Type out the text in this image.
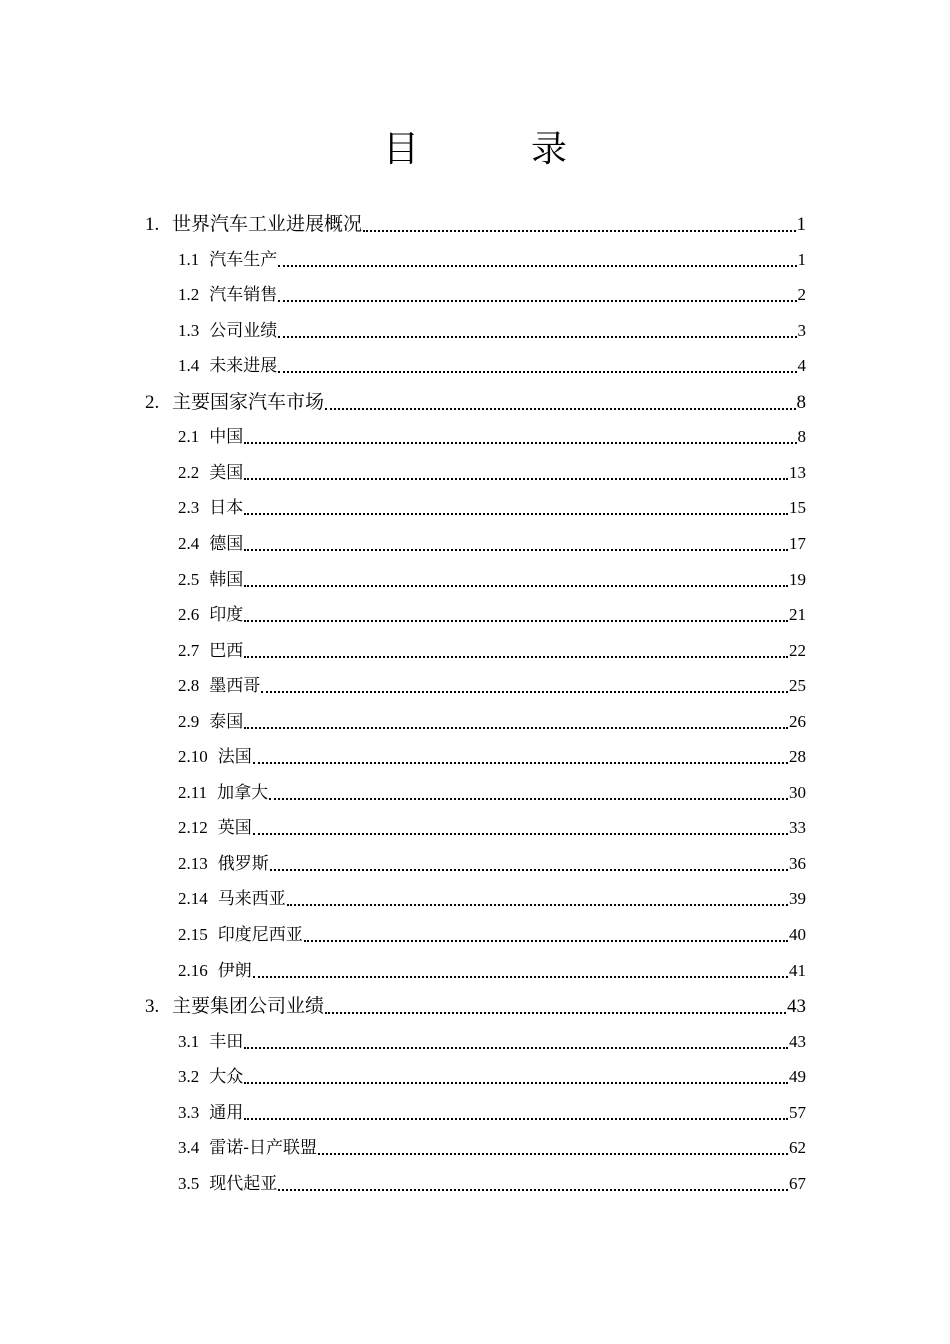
目　录
1. 世界汽车工业进展概况	1
1.1 汽车生产	1
1.2 汽车销售	2
1.3 公司业绩	3
1.4 未来进展	4
2. 主要国家汽车市场	8
2.1 中国	8
2.2 美国	13
2.3 日本	15
2.4 德国	17
2.5 韩国	19
2.6 印度	21
2.7 巴西	22
2.8 墨西哥	25
2.9 泰国	26
2.10 法国	28
2.11 加拿大	30
2.12 英国	33
2.13 俄罗斯	36
2.14 马来西亚	39
2.15 印度尼西亚	40
2.16 伊朗	41
3. 主要集团公司业绩	43
3.1 丰田	43
3.2 大众	49
3.3 通用	57
3.4 雷诺-日产联盟	62
3.5 现代起亚	67
